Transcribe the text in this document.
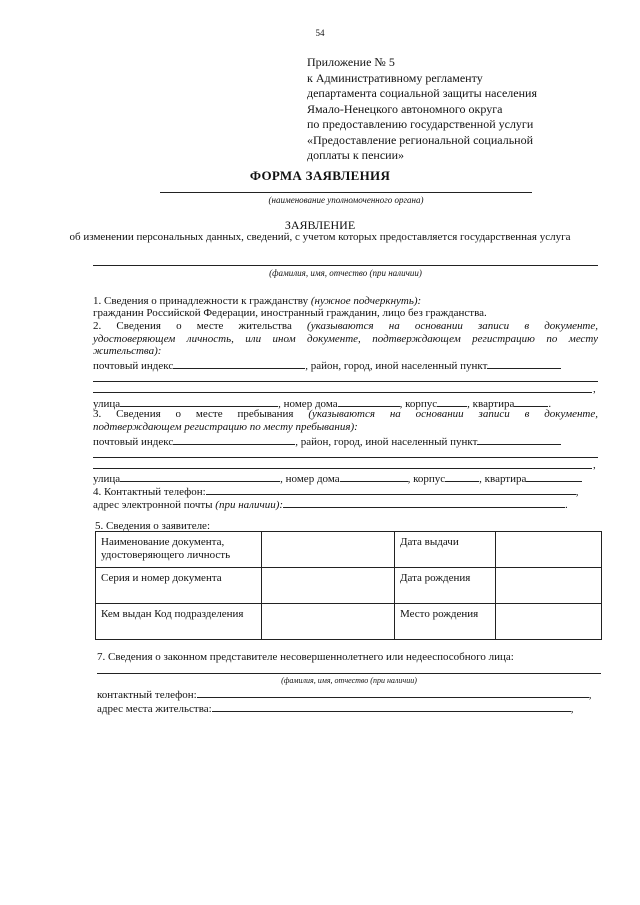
54
Приложение № 5
к Административному регламенту
департамента социальной защиты населения
Ямало-Ненецкого автономного округа
по предоставлению государственной услуги
«Предоставление региональной социальной
доплаты к пенсии»
ФОРМА ЗАЯВЛЕНИЯ
(наименование уполномоченного органа)
ЗАЯВЛЕНИЕ
об изменении персональных данных, сведений, с учетом которых предоставляется государственная услуга
(фамилия, имя, отчество (при наличии)
1. Сведения о принадлежности к гражданству (нужное подчеркнуть):
гражданин Российской Федерации, иностранный гражданин, лицо без гражданства.
2. Сведения о месте жительства (указываются на основании записи в документе,
удостоверяющем личность, или ином документе, подтверждающем регистрацию по месту
жительства):
почтовый индекс	, район, город, иной населенный пункт
,
улица	, номер дома	, корпус	, квартира	.
3. Сведения о месте пребывания (указываются на основании записи в документе,
подтверждающем регистрацию по месту пребывания):
почтовый индекс	, район, город, иной населенный пункт
,
улица	, номер дома	, корпус	, квартира
4. Контактный телефон:	,
адрес электронной почты (при наличии):	.
5. Сведения о заявителе:
Наименование документа, удостоверяющего личность		Дата выдачи	
Серия и номер документа		Дата рождения	
Кем выдан Код подразделения		Место рождения	
7. Сведения о законном представителе несовершеннолетнего или недееспособного лица:
(фамилия, имя, отчество (при наличии)
контактный телефон:	,
адрес места жительства:	,
